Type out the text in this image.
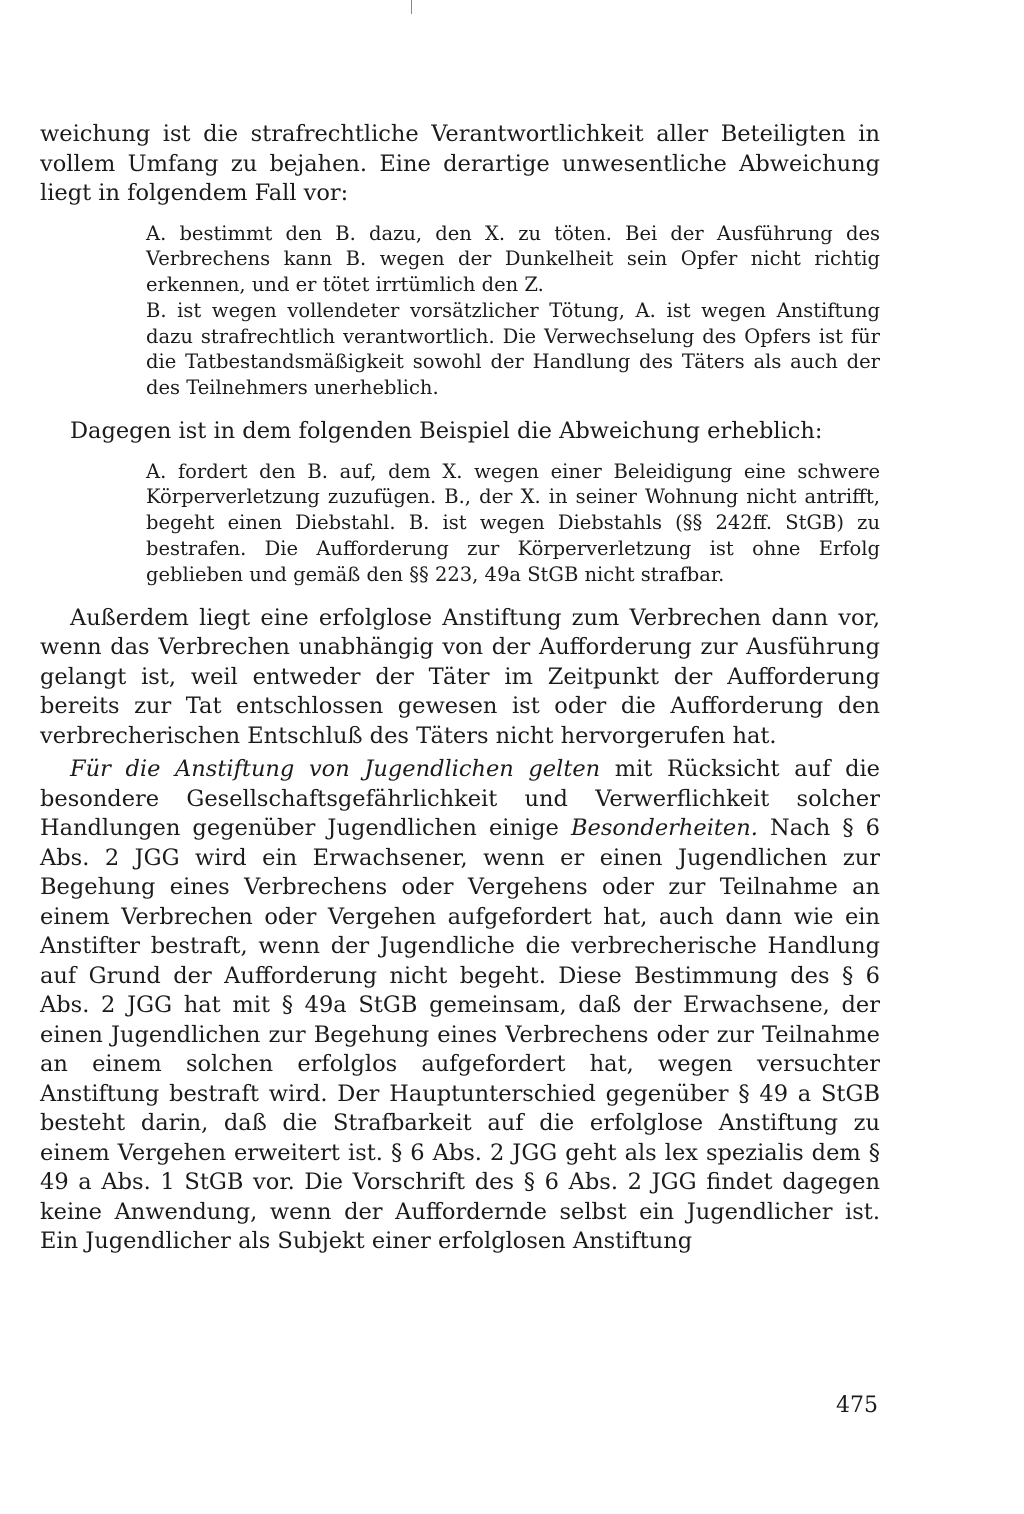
weichung ist die strafrechtliche Verantwortlichkeit aller Beteiligten in vollem Umfang zu bejahen. Eine derartige unwesentliche Abweichung liegt in folgendem Fall vor:

A. bestimmt den B. dazu, den X. zu töten. Bei der Ausführung des Verbrechens kann B. wegen der Dunkelheit sein Opfer nicht richtig erkennen, und er tötet irrtümlich den Z.

B. ist wegen vollendeter vorsätzlicher Tötung, A. ist wegen Anstiftung dazu strafrechtlich verantwortlich. Die Verwechselung des Opfers ist für die Tatbestandsmäßigkeit sowohl der Handlung des Täters als auch der des Teilnehmers unerheblich.

Dagegen ist in dem folgenden Beispiel die Abweichung erheblich:

A. fordert den B. auf, dem X. wegen einer Beleidigung eine schwere Körperverletzung zuzufügen. B., der X. in seiner Wohnung nicht antrifft, begeht einen Diebstahl. B. ist wegen Diebstahls (§§ 242ff. StGB) zu bestrafen. Die Aufforderung zur Körperverletzung ist ohne Erfolg geblieben und gemäß den §§ 223, 49a StGB nicht strafbar.

Außerdem liegt eine erfolglose Anstiftung zum Verbrechen dann vor, wenn das Verbrechen unabhängig von der Aufforderung zur Ausführung gelangt ist, weil entweder der Täter im Zeitpunkt der Aufforderung bereits zur Tat entschlossen gewesen ist oder die Aufforderung den verbrecherischen Entschluß des Täters nicht hervorgerufen hat.

Für die Anstiftung von Jugendlichen gelten mit Rücksicht auf die besondere Gesellschaftsgefährlichkeit und Verwerflichkeit solcher Handlungen gegenüber Jugendlichen einige Besonderheiten. Nach § 6 Abs. 2 JGG wird ein Erwachsener, wenn er einen Jugendlichen zur Begehung eines Verbrechens oder Vergehens oder zur Teilnahme an einem Verbrechen oder Vergehen aufgefordert hat, auch dann wie ein Anstifter bestraft, wenn der Jugendliche die verbrecherische Handlung auf Grund der Aufforderung nicht begeht. Diese Bestimmung des § 6 Abs. 2 JGG hat mit § 49a StGB gemeinsam, daß der Erwachsene, der einen Jugendlichen zur Begehung eines Verbrechens oder zur Teilnahme an einem solchen erfolglos aufgefordert hat, wegen versuchter Anstiftung bestraft wird. Der Hauptunterschied gegenüber § 49 a StGB besteht darin, daß die Strafbarkeit auf die erfolglose Anstiftung zu einem Vergehen erweitert ist. § 6 Abs. 2 JGG geht als lex spezialis dem § 49 a Abs. 1 StGB vor. Die Vorschrift des § 6 Abs. 2 JGG findet dagegen keine Anwendung, wenn der Auffordernde selbst ein Jugendlicher ist. Ein Jugendlicher als Subjekt einer erfolglosen Anstiftung

475
